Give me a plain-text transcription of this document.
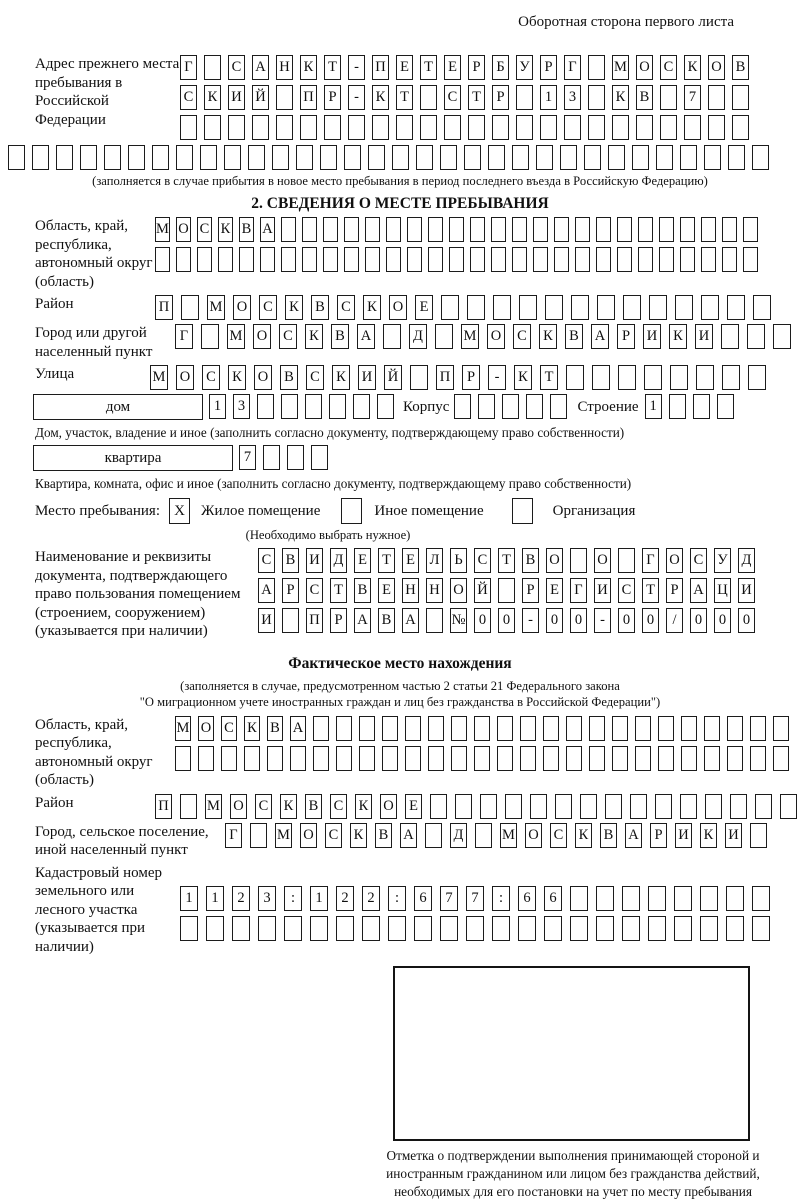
Оборотная сторона первого листа
Адрес прежнего места пребывания в Российской Федерации
Г	С А Н К Т	-	П Е Т Е	Р	Б У	Р	Г	М О С К О В
С К И Й	П	Р	-	К Т	С Т	Р	1	3	К В	7
(заполняется в случае прибытия в новое место пребывания в период последнего въезда в Российскую Федерацию)
2. СВЕДЕНИЯ О МЕСТЕ ПРЕБЫВАНИЯ
Область, край, республика, автономный округ (область)
М О С К В А
Район	П	М О С К В С К О	Е
Город или другой населенный пункт
Г	М О С К В А	Д	М О С К В А	Р	И К И
Улица	М О С К О В С К И Й	П	Р	-	К	Т
дом	1	3	Корпус	Строение 1
Дом, участок, владение и иное (заполнить согласно документу, подтверждающему право собственности)
квартира	7
Квартира, комната, офис и иное (заполнить согласно документу, подтверждающему право собственности)
Место пребывания: X	Жилое помещение	Иное помещение	Организация
(Необходимо выбрать нужное)
Наименование и реквизиты документа, подтверждающего право пользования помещением (строением, сооружением) (указывается при наличии)
С В И Д Е Т Е Л Ь С Т В О	О	Г О С У Д
А	Р	С Т В Е Н Н О Й	Р	Е Г И С Т	Р	А Ц И
И	П	Р	А В А № 0	0	-	0	0	-	0	0	/	0	0	0
Фактическое место нахождения
(заполняется в случае, предусмотренном частью 2 статьи 21 Федерального закона
"О миграционном учете иностранных граждан и лиц без гражданства в Российской Федерации")
Область, край, республика, автономный округ (область)
М О С К В А
Район	П	М О С К В С К О Е
Город, сельское поселение, иной населенный пункт
Г	М О С К В А	Д	М О С К В А	Р	И К И
Кадастровый номер земельного или лесного участка (указывается при наличии)
1	1	2	3	:	1	2	2	:	6	7	7	:	6	6
Отметка о подтверждении выполнения принимающей стороной и иностранным гражданином или лицом без гражданства действий, необходимых для его постановки на учет по месту пребывания
